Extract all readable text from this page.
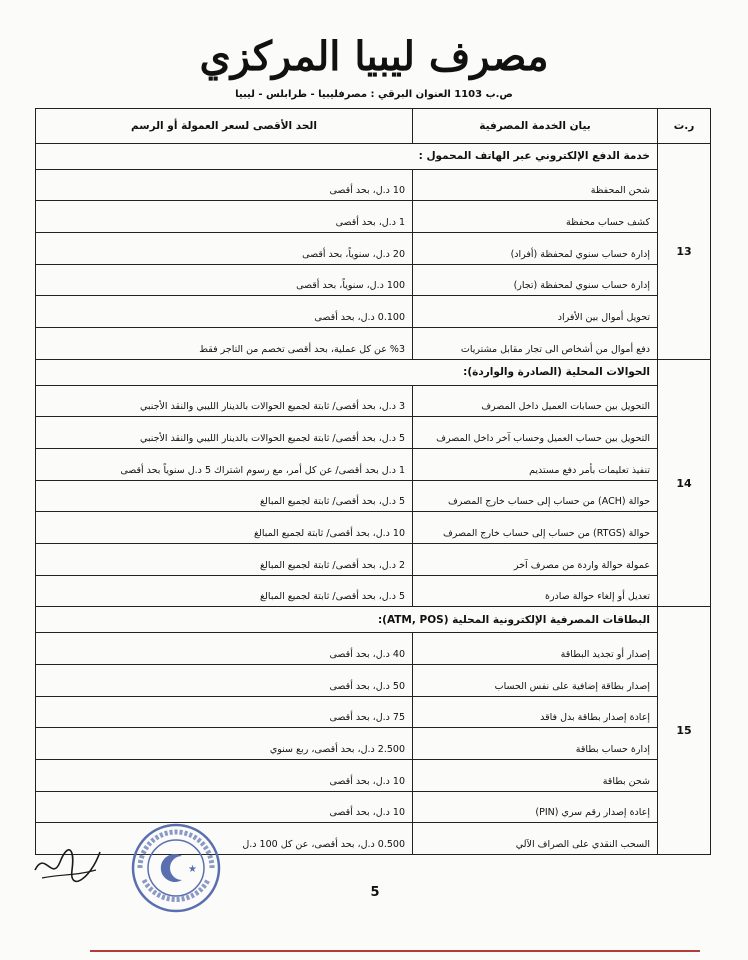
مصرف ليبيا المركزي
ص.ب 1103 العنوان البرقي : مصرفليبيا - طرابلس - ليبيا
ر.ت	بيان الخدمة المصرفية	الحد الأقصى لسعر العمولة أو الرسم
13	خدمة الدفع الإلكتروني عبر الهاتف المحمول :	
	شحن المحفظة	10 د.ل، بحد أقصى
	كشف حساب محفظة	1 د.ل، بحد أقصى
	إدارة حساب سنوي لمحفظة (أفراد)	20 د.ل، سنوياً، بحد أقصى
	إدارة حساب سنوي لمحفظة (تجار)	100 د.ل، سنوياً، بحد أقصى
	تحويل أموال بين الأفراد	0.100 د.ل، بحد أقصى
	دفع أموال من أشخاص الى تجار مقابل مشتريات	%3 عن كل عملية، بحد أقصى تخصم من التاجر فقط
14	الحوالات المحلية (الصادرة والواردة):	
	التحويل بين حسابات العميل داخل المصرف	3 د.ل، بحد أقصى/ ثابتة لجميع الحوالات بالدينار الليبي والنقد الأجنبي
	التحويل بين حساب العميل وحساب آخر داخل المصرف	5 د.ل، بحد أقصى/ ثابتة لجميع الحوالات بالدينار الليبي والنقد الأجنبي
	تنفيذ تعليمات بأمر دفع مستديم	1 د.ل بحد أقصى/ عن كل أمر، مع رسوم اشتراك 5 د.ل سنوياً بحد أقصى
	حوالة (ACH) من حساب إلى حساب خارج المصرف	5 د.ل، بحد أقصى/ ثابتة لجميع المبالغ
	حوالة (RTGS) من حساب إلى حساب خارج المصرف	10 د.ل، بحد أقصى/ ثابتة لجميع المبالغ
	عمولة حوالة واردة من مصرف آخر	2 د.ل، بحد أقصى/ ثابتة لجميع المبالغ
	تعديل أو إلغاء حوالة صادرة	5 د.ل، بحد أقصى/ ثابتة لجميع المبالغ
15	البطاقات المصرفية الإلكترونية المحلية (ATM, POS):	
	إصدار أو تجديد البطاقة	40 د.ل، بحد أقصى
	إصدار بطاقة إضافية على نفس الحساب	50 د.ل، بحد أقصى
	إعادة إصدار بطاقة بدل فاقد	75 د.ل، بحد أقصى
	إدارة حساب بطاقة	2.500 د.ل، بحد أقصى، ربع سنوي
	شحن بطاقة	10 د.ل، بحد أقصى
	إعادة إصدار رقم سري (PIN)	10 د.ل، بحد أقصى
	السحب النقدي على الصراف الآلي	0.500 د.ل، بحد أقصى، عن كل 100 د.ل
★
5
